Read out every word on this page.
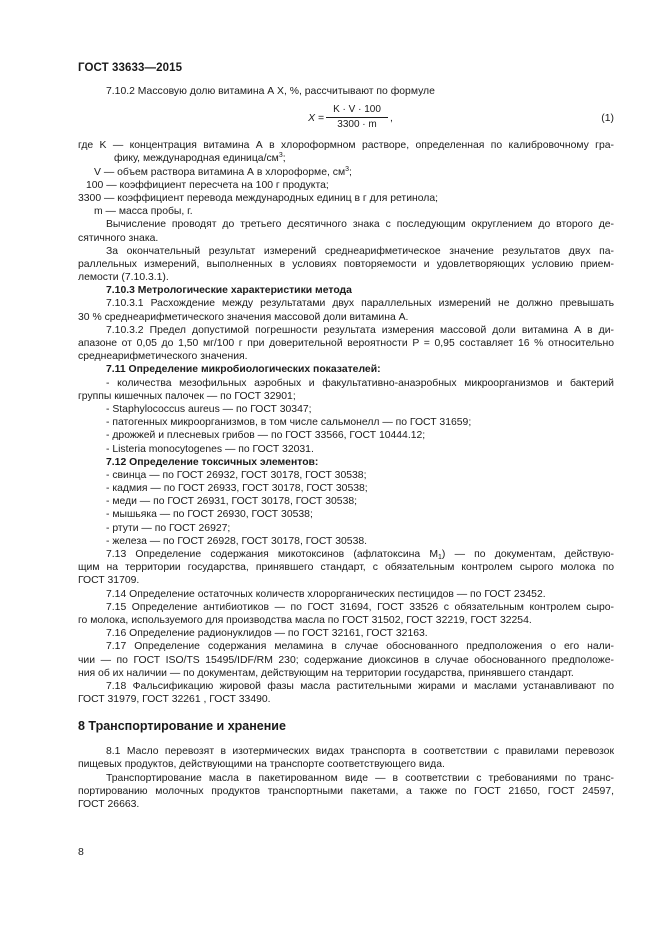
ГОСТ 33633—2015
7.10.2 Массовую долю витамина А X, %, рассчитывают по формуле
$X = \frac{K \cdot V \cdot 100}{3300 \cdot m}$ ,	(1)
где K — концентрация витамина А в хлороформном растворе, определенная по калибровочному гра-
фику, международная единица/$см^3$;
V — объем раствора витамина А в хлороформе, $см^3$;
100 — коэффициент пересчета на 100 г продукта;
3300 — коэффициент перевода международных единиц в г для ретинола;
m — масса пробы, г.
Вычисление проводят до третьего десятичного знака с последующим округлением до второго де-
сятичного знака.
За окончательный результат измерений среднеарифметическое значение результатов двух па-
раллельных измерений, выполненных в условиях повторяемости и удовлетворяющих условию прием-
лемости (7.10.3.1).
7.10.3 Метрологические характеристики метода
7.10.3.1 Расхождение между результатами двух параллельных измерений не должно превышать
30 % среднеарифметического значения массовой доли витамина А.
7.10.3.2 Предел допустимой погрешности результата измерения массовой доли витамина А в ди-
апазоне от 0,05 до 1,50 мг/100 г при доверительной вероятности P = 0,95 составляет 16 % относительно
среднеарифметического значения.
7.11 Определение микробиологических показателей:
- количества мезофильных аэробных и факультативно-анаэробных микроорганизмов и бактерий
группы кишечных палочек — по ГОСТ 32901;
- Staphylococcus aureus — по ГОСТ 30347;
- патогенных микроорганизмов, в том числе сальмонелл — по ГОСТ 31659;
- дрожжей и плесневых грибов — по ГОСТ 33566, ГОСТ 10444.12;
- Listeria monocytogenes — по ГОСТ 32031.
7.12 Определение токсичных элементов:
- свинца — по ГОСТ 26932, ГОСТ 30178, ГОСТ 30538;
- кадмия — по ГОСТ 26933, ГОСТ 30178, ГОСТ 30538;
- меди — по ГОСТ 26931, ГОСТ 30178, ГОСТ 30538;
- мышьяка — по ГОСТ 26930, ГОСТ 30538;
- ртути — по ГОСТ 26927;
- железа — по ГОСТ 26928, ГОСТ 30178, ГОСТ 30538.
7.13 Определение содержания микотоксинов (афлатоксина $M_1$) — по документам, действую-
щим на территории государства, принявшего стандарт, с обязательным контролем сырого молока по
ГОСТ 31709.
7.14 Определение остаточных количеств хлорорганических пестицидов — по ГОСТ 23452.
7.15 Определение антибиотиков — по ГОСТ 31694, ГОСТ 33526 с обязательным контролем сыро-
го молока, используемого для производства масла по ГОСТ 31502, ГОСТ 32219, ГОСТ 32254.
7.16 Определение радионуклидов — по ГОСТ 32161, ГОСТ 32163.
7.17 Определение содержания меламина в случае обоснованного предположения о его нали-
чии — по ГОСТ ISO/TS 15495/IDF/RM 230; содержание диоксинов в случае обоснованного предположе-
ния об их наличии — по документам, действующим на территории государства, принявшего стандарт.
7.18 Фальсификацию жировой фазы масла растительными жирами и маслами устанавливают по
ГОСТ 31979, ГОСТ 32261 , ГОСТ 33490.
8 Транспортирование и хранение
8.1 Масло перевозят в изотермических видах транспорта в соответствии с правилами перевозок
пищевых продуктов, действующими на транспорте соответствующего вида.
Транспортирование масла в пакетированном виде — в соответствии с требованиями по транс-
портированию молочных продуктов транспортными пакетами, а также по ГОСТ 21650, ГОСТ 24597,
ГОСТ 26663.
8
